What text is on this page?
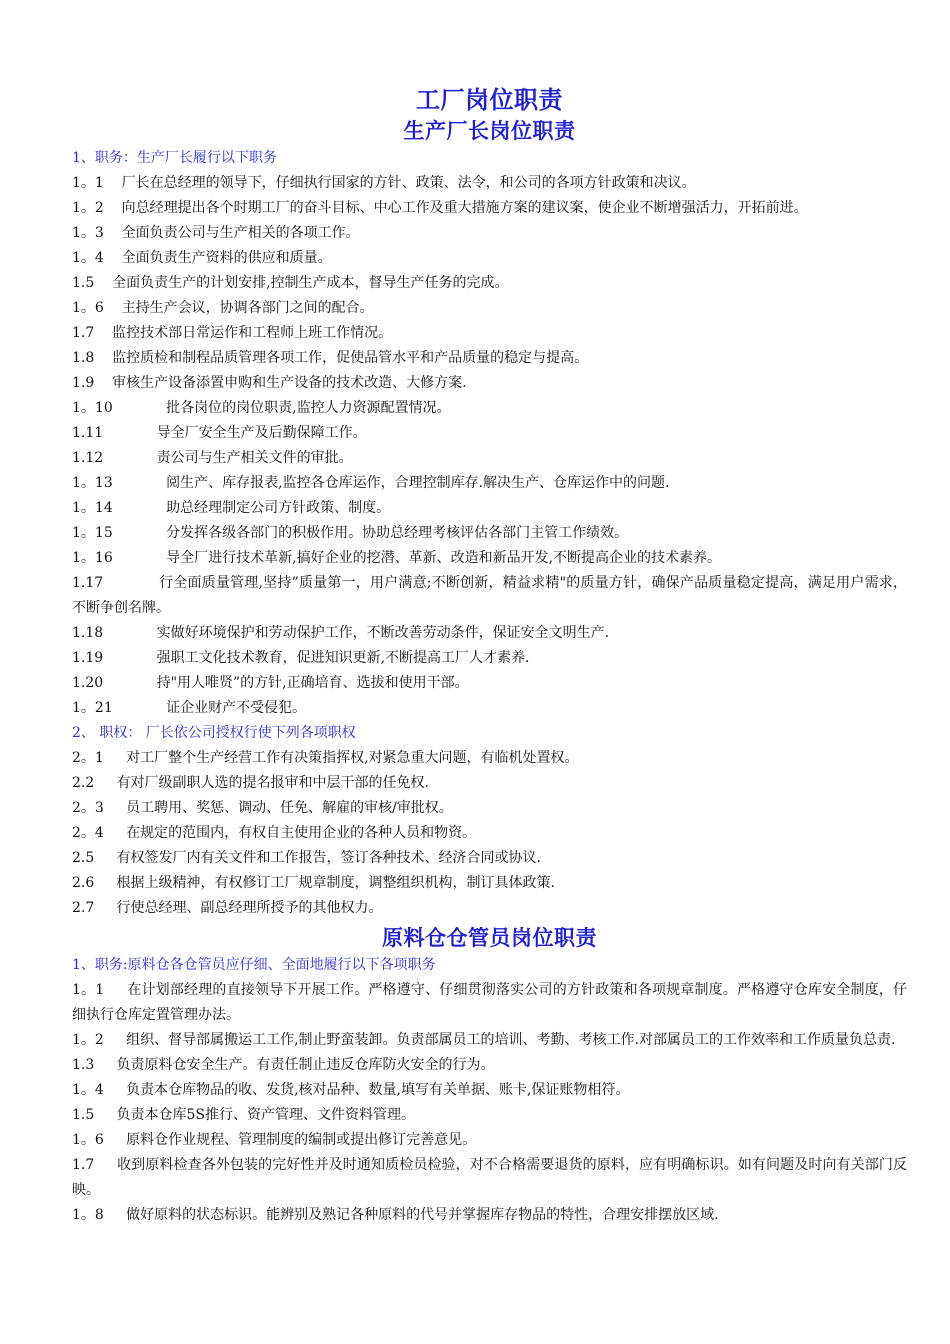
工厂岗位职责
生产厂长岗位职责
1、职务：生产厂长履行以下职务
1。1    厂长在总经理的领导下，仔细执行国家的方针、政策、法令，和公司的各项方针政策和决议。
1。2    向总经理提出各个时期工厂的奋斗目标、中心工作及重大措施方案的建议案，使企业不断增强活力，开拓前进。
1。3    全面负责公司与生产相关的各项工作。
1。4    全面负责生产资料的供应和质量。
1.5    全面负责生产的计划安排,控制生产成本，督导生产任务的完成。
1。6    主持生产会议，协调各部门之间的配合。
1.7    监控技术部日常运作和工程师上班工作情况。
1.8    监控质检和制程品质管理各项工作，促使品管水平和产品质量的稳定与提高。
1.9    审核生产设备添置申购和生产设备的技术改造、大修方案.
1。10            批各岗位的岗位职责,监控人力资源配置情况。
1.11            导全厂安全生产及后勤保障工作。
1.12            责公司与生产相关文件的审批。
1。13            阅生产、库存报表,监控各仓库运作，合理控制库存.解决生产、仓库运作中的问题.
1。14            助总经理制定公司方针政策、制度。
1。15            分发挥各级各部门的积极作用。协助总经理考核评估各部门主管工作绩效。
1。16            导全厂进行技术革新,搞好企业的挖潜、革新、改造和新品开发,不断提高企业的技术素养。
1.17            行全面质量管理,坚持”质量第一，用户满意;不断创新，精益求精"的质量方针，确保产品质量稳定提高，满足用户需求，不断争创名牌。
1.18            实做好环境保护和劳动保护工作，不断改善劳动条件，保证安全文明生产.
1.19            强职工文化技术教育，促进知识更新,不断提高工厂人才素养.
1.20            持"用人唯贤”的方针,正确培育、选拔和使用干部。
1。21            证企业财产不受侵犯。
2、 职权： 厂长依公司授权行使下列各项职权
2。1     对工厂整个生产经营工作有决策指挥权,对紧急重大问题，有临机处置权。
2.2     有对厂级副职人选的提名报审和中层干部的任免权.
2。3     员工聘用、奖惩、调动、任免、解雇的审核/审批权。
2。4     在规定的范围内，有权自主使用企业的各种人员和物资。
2.5     有权签发厂内有关文件和工作报告，签订各种技术、经济合同或协议.
2.6     根据上级精神，有权修订工厂规章制度，调整组织机构，制订具体政策.
2.7     行使总经理、副总经理所授予的其他权力。
原料仓仓管员岗位职责
1、职务:原料仓各仓管员应仔细、全面地履行以下各项职务
1。1     在计划部经理的直接领导下开展工作。严格遵守、仔细贯彻落实公司的方针政策和各项规章制度。严格遵守仓库安全制度，仔细执行仓库定置管理办法。
1。2     组织、督导部属搬运工工作,制止野蛮装卸。负责部属员工的培训、考勤、考核工作.对部属员工的工作效率和工作质量负总责.
1.3     负责原料仓安全生产。有责任制止违反仓库防火安全的行为。
1。4     负责本仓库物品的收、发货,核对品种、数量,填写有关单据、账卡,保证账物相符。
1.5     负责本仓库5S推行、资产管理、文件资料管理。
1。6     原料仓作业规程、管理制度的编制或提出修订完善意见。
1.7     收到原料检查各外包装的完好性并及时通知质检员检验，对不合格需要退货的原料，应有明确标识。如有问题及时向有关部门反映。
1。8     做好原料的状态标识。能辨别及熟记各种原料的代号并掌握库存物品的特性，合理安排摆放区域.
